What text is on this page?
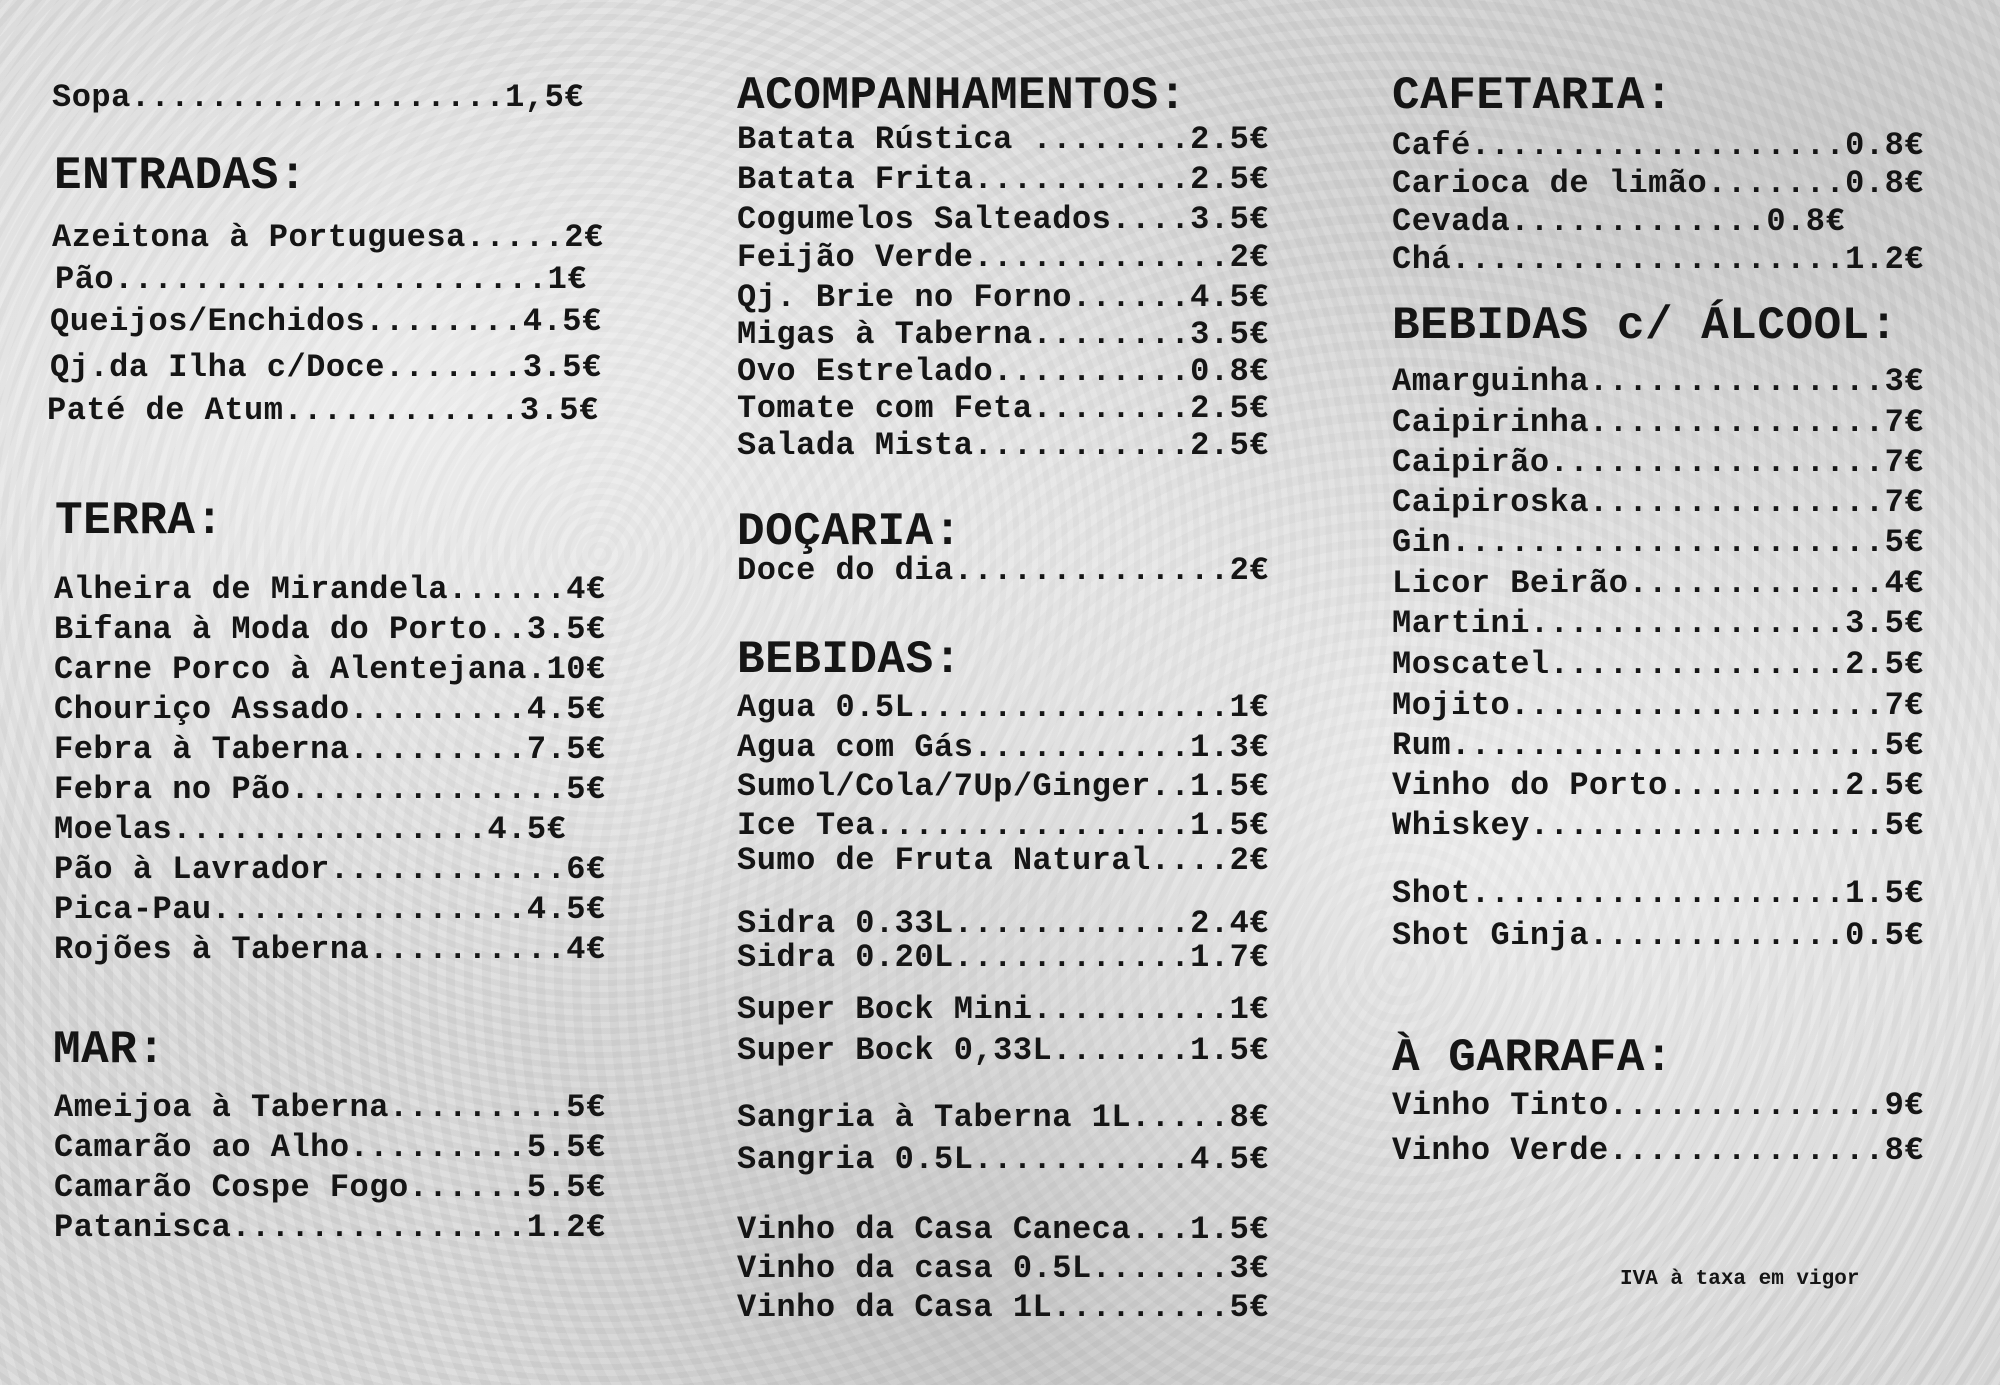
Sopa...................1,5€
ENTRADAS:
Azeitona à Portuguesa.....2€
Pão......................1€
Queijos/Enchidos........4.5€
Qj.da Ilha c/Doce.......3.5€
Paté de Atum............3.5€
TERRA:
Alheira de Mirandela......4€
Bifana à Moda do Porto..3.5€
Carne Porco à Alentejana.10€
Chouriço Assado.........4.5€
Febra à Taberna.........7.5€
Febra no Pão..............5€
Moelas................4.5€
Pão à Lavrador............6€
Pica-Pau................4.5€
Rojões à Taberna..........4€
MAR:
Ameijoa à Taberna.........5€
Camarão ao Alho.........5.5€
Camarão Cospe Fogo......5.5€
Patanisca...............1.2€
ACOMPANHAMENTOS:
Batata Rústica ........2.5€
Batata Frita...........2.5€
Cogumelos Salteados....3.5€
Feijão Verde.............2€
Qj. Brie no Forno......4.5€
Migas à Taberna........3.5€
Ovo Estrelado..........0.8€
Tomate com Feta........2.5€
Salada Mista...........2.5€
DOÇARIA:
Doce do dia..............2€
BEBIDAS:
Agua 0.5L................1€
Agua com Gás...........1.3€
Sumol/Cola/7Up/Ginger..1.5€
Ice Tea................1.5€
Sumo de Fruta Natural....2€
Sidra 0.33L............2.4€
Sidra 0.20L............1.7€
Super Bock Mini..........1€
Super Bock 0,33L.......1.5€
Sangria à Taberna 1L.....8€
Sangria 0.5L...........4.5€
Vinho da Casa Caneca...1.5€
Vinho da casa 0.5L.......3€
Vinho da Casa 1L.........5€
CAFETARIA:
Café...................0.8€
Carioca de limão.......0.8€
Cevada.............0.8€
Chá....................1.2€
BEBIDAS c/ ÁLCOOL:
Amarguinha...............3€
Caipirinha...............7€
Caipirão.................7€
Caipiroska...............7€
Gin......................5€
Licor Beirão.............4€
Martini................3.5€
Moscatel...............2.5€
Mojito...................7€
Rum......................5€
Vinho do Porto.........2.5€
Whiskey..................5€
Shot...................1.5€
Shot Ginja.............0.5€
À GARRAFA:
Vinho Tinto..............9€
Vinho Verde..............8€
IVA à taxa em vigor
